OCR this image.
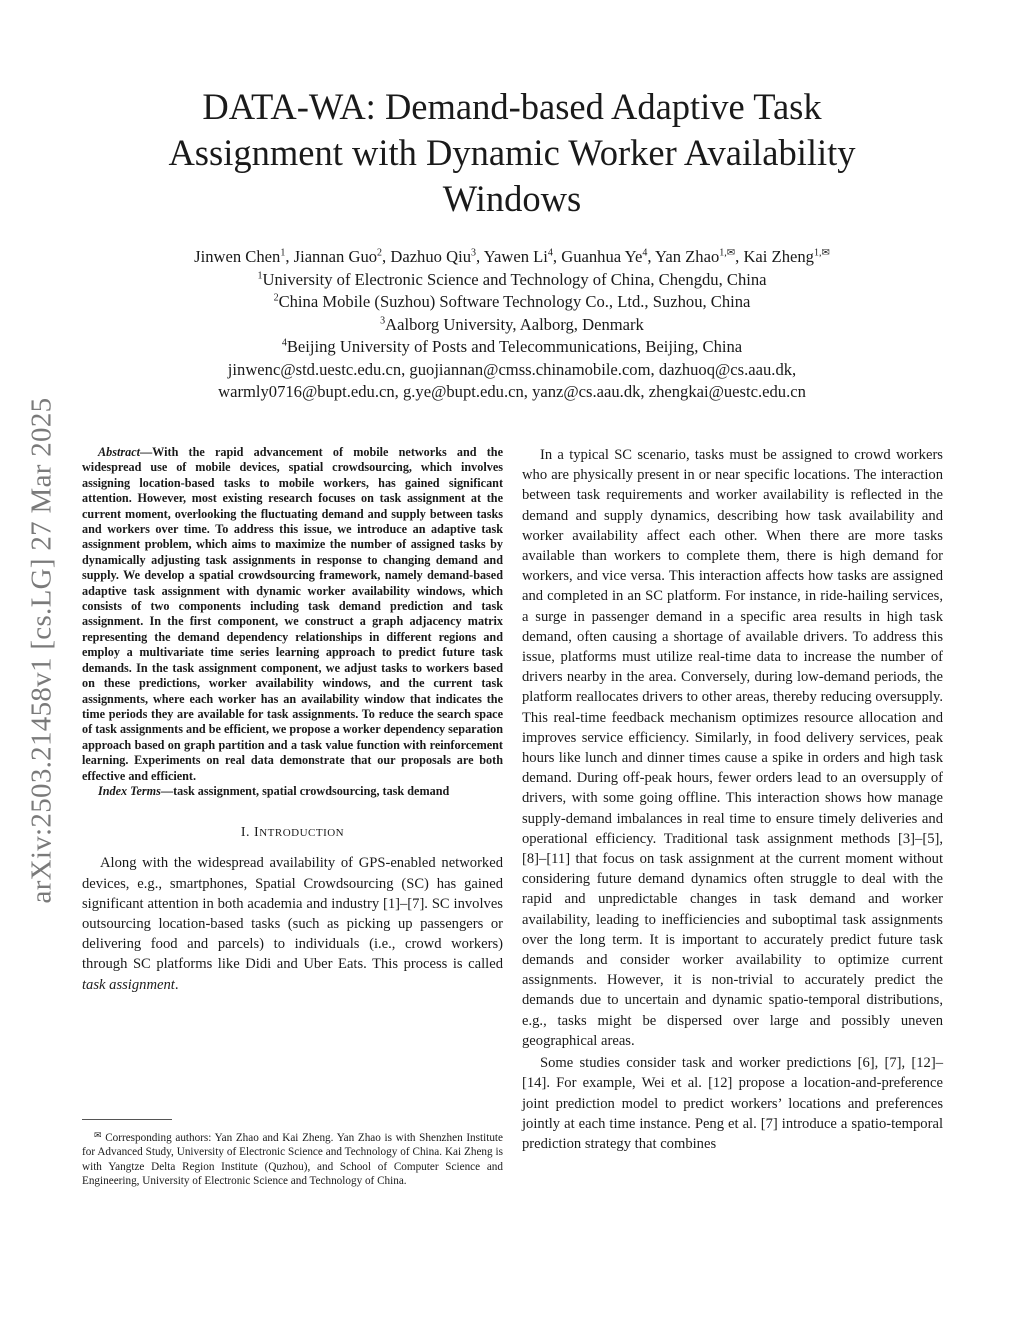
arXiv:2503.21458v1 [cs.LG] 27 Mar 2025
DATA-WA: Demand-based Adaptive Task
Assignment with Dynamic Worker Availability
Windows
Jinwen Chen$^1$, Jiannan Guo$^2$, Dazhuo Qiu$^3$, Yawen Li$^4$, Guanhua Ye$^4$, Yan Zhao$^{1,✉}$, Kai Zheng$^{1,✉}$
$^1$University of Electronic Science and Technology of China, Chengdu, China
$^2$China Mobile (Suzhou) Software Technology Co., Ltd., Suzhou, China
$^3$Aalborg University, Aalborg, Denmark
$^4$Beijing University of Posts and Telecommunications, Beijing, China
jinwenc@std.uestc.edu.cn, guojiannan@cmss.chinamobile.com, dazhuoq@cs.aau.dk,
warmly0716@bupt.edu.cn, g.ye@bupt.edu.cn, yanz@cs.aau.dk, zhengkai@uestc.edu.cn

Abstract—With the rapid advancement of mobile networks and the widespread use of mobile devices, spatial crowdsourcing, which involves assigning location-based tasks to mobile workers, has gained significant attention. However, most existing research focuses on task assignment at the current moment, overlooking the fluctuating demand and supply between tasks and workers over time. To address this issue, we introduce an adaptive task assignment problem, which aims to maximize the number of assigned tasks by dynamically adjusting task assignments in response to changing demand and supply. We develop a spatial crowdsourcing framework, namely demand-based adaptive task assignment with dynamic worker availability windows, which consists of two components including task demand prediction and task assignment. In the first component, we construct a graph adjacency matrix representing the demand dependency relationships in different regions and employ a multivariate time series learning approach to predict future task demands. In the task assignment component, we adjust tasks to workers based on these predictions, worker availability windows, and the current task assignments, where each worker has an availability window that indicates the time periods they are available for task assignments. To reduce the search space of task assignments and be efficient, we propose a worker dependency separation approach based on graph partition and a task value function with reinforcement learning. Experiments on real data demonstrate that our proposals are both effective and efficient.

Index Terms—task assignment, spatial crowdsourcing, task demand

I. INTRODUCTION

Along with the widespread availability of GPS-enabled networked devices, e.g., smartphones, Spatial Crowdsourcing (SC) has gained significant attention in both academia and industry [1]–[7]. SC involves outsourcing location-based tasks (such as picking up passengers or delivering food and parcels) to individuals (i.e., crowd workers) through SC platforms like Didi and Uber Eats. This process is called task assignment.

✉ Corresponding authors: Yan Zhao and Kai Zheng. Yan Zhao is with Shenzhen Institute for Advanced Study, University of Electronic Science and Technology of China. Kai Zheng is with Yangtze Delta Region Institute (Quzhou), and School of Computer Science and Engineering, University of Electronic Science and Technology of China.

In a typical SC scenario, tasks must be assigned to crowd workers who are physically present in or near specific locations. The interaction between task requirements and worker availability is reflected in the demand and supply dynamics, describing how task availability and worker availability affect each other. When there are more tasks available than workers to complete them, there is high demand for workers, and vice versa. This interaction affects how tasks are assigned and completed in an SC platform. For instance, in ride-hailing services, a surge in passenger demand in a specific area results in high task demand, often causing a shortage of available drivers. To address this issue, platforms must utilize real-time data to increase the number of drivers nearby in the area. Conversely, during low-demand periods, the platform reallocates drivers to other areas, thereby reducing oversupply. This real-time feedback mechanism optimizes resource allocation and improves service efficiency. Similarly, in food delivery services, peak hours like lunch and dinner times cause a spike in orders and high task demand. During off-peak hours, fewer orders lead to an oversupply of drivers, with some going offline. This interaction shows how manage supply-demand imbalances in real time to ensure timely deliveries and operational efficiency. Traditional task assignment methods [3]–[5], [8]–[11] that focus on task assignment at the current moment without considering future demand dynamics often struggle to deal with the rapid and unpredictable changes in task demand and worker availability, leading to inefficiencies and suboptimal task assignments over the long term. It is important to accurately predict future task demands and consider worker availability to optimize current assignments. However, it is non-trivial to accurately predict the demands due to uncertain and dynamic spatio-temporal distributions, e.g., tasks might be dispersed over large and possibly uneven geographical areas.

Some studies consider task and worker predictions [6], [7], [12]–[14]. For example, Wei et al. [12] propose a location-and-preference joint prediction model to predict workers’ locations and preferences jointly at each time instance. Peng et al. [7] introduce a spatio-temporal prediction strategy that combines
